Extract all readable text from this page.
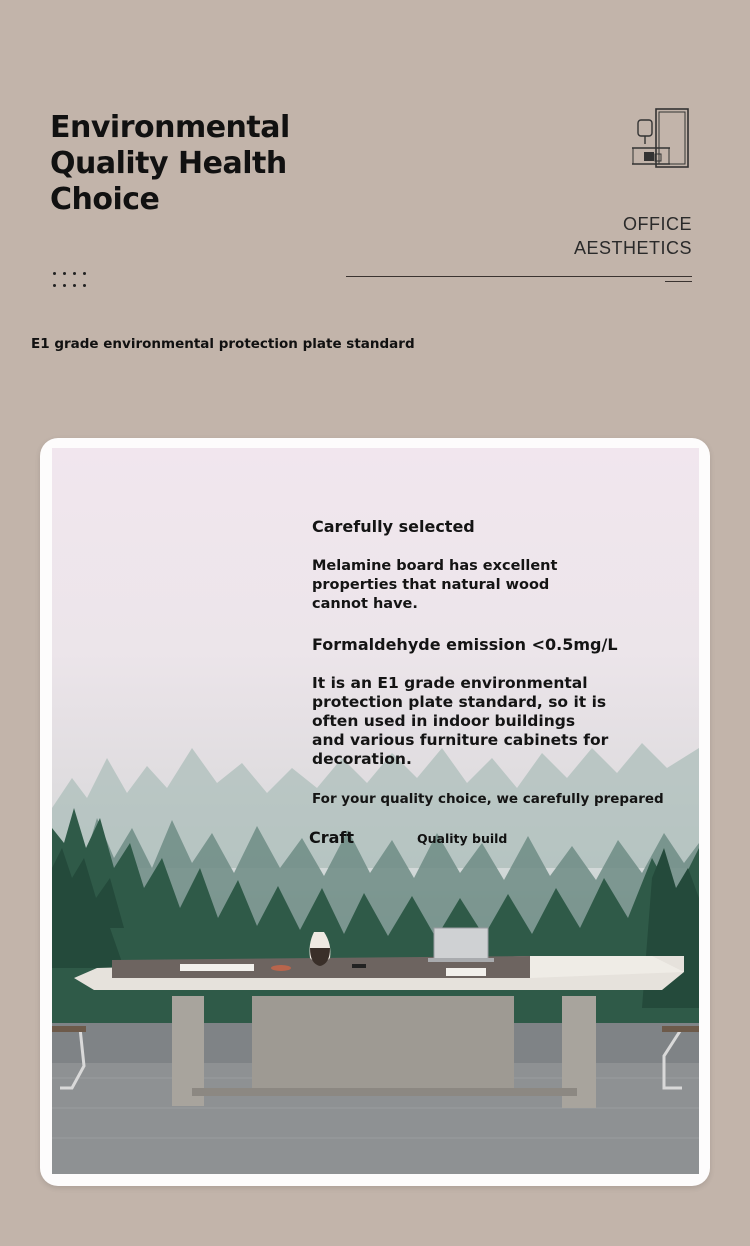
Environmental
Quality Health
Choice
OFFICE
AESTHETICS
E1 grade environmental protection plate standard
Carefully selected
Melamine board has excellent properties that natural wood cannot have.
Formaldehyde emission <0.5mg/L
It is an E1 grade environmental protection plate standard, so it is often used in indoor buildings and various furniture cabinets for decoration.
For your quality choice, we carefully prepared
Craft	Quality build
